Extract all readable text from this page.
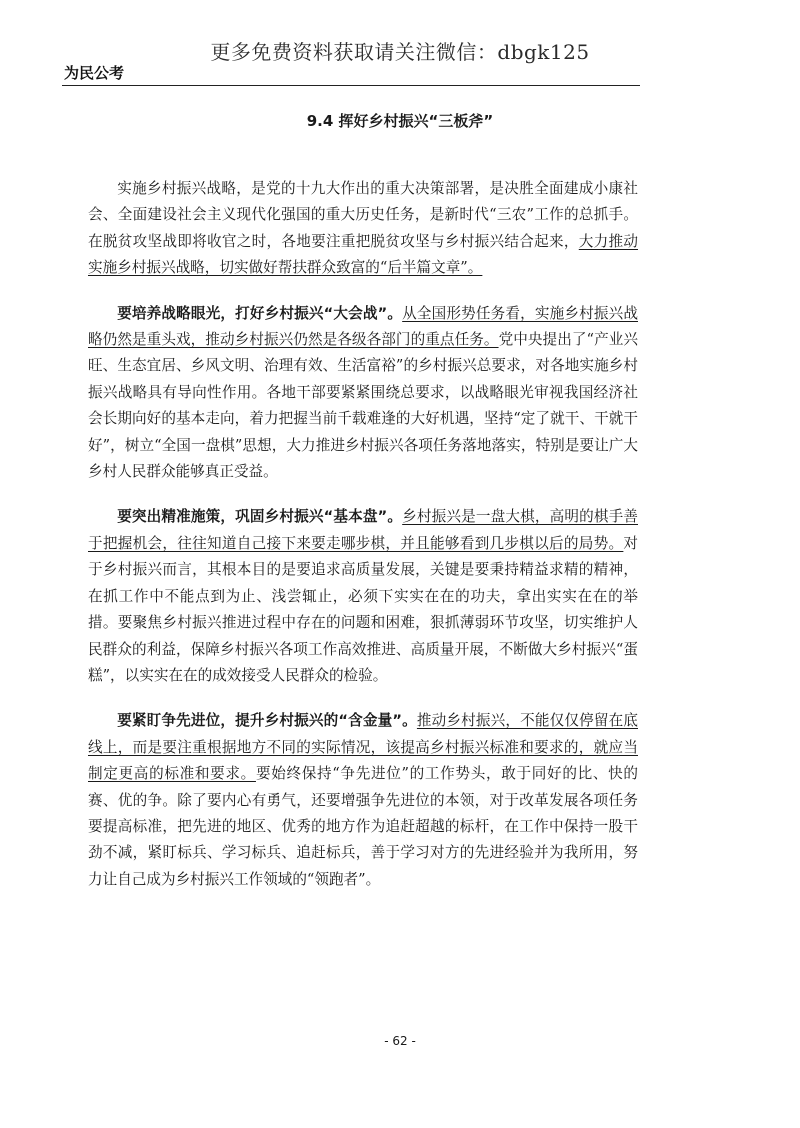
更多免费资料获取请关注微信：dbgk125
为民公考
9.4 挥好乡村振兴“三板斧”

实施乡村振兴战略，是党的十九大作出的重大决策部署，是决胜全面建成小康社会、全面建设社会主义现代化强国的重大历史任务，是新时代“三农”工作的总抓手。在脱贫攻坚战即将收官之时，各地要注重把脱贫攻坚与乡村振兴结合起来，大力推动实施乡村振兴战略，切实做好帮扶群众致富的“后半篇文章”。

要培养战略眼光，打好乡村振兴“大会战”。从全国形势任务看，实施乡村振兴战略仍然是重头戏，推动乡村振兴仍然是各级各部门的重点任务。党中央提出了“产业兴旺、生态宜居、乡风文明、治理有效、生活富裕”的乡村振兴总要求，对各地实施乡村振兴战略具有导向性作用。各地干部要紧紧围绕总要求，以战略眼光审视我国经济社会长期向好的基本走向，着力把握当前千载难逢的大好机遇，坚持“定了就干、干就干好”，树立“全国一盘棋”思想，大力推进乡村振兴各项任务落地落实，特别是要让广大乡村人民群众能够真正受益。

要突出精准施策，巩固乡村振兴“基本盘”。乡村振兴是一盘大棋，高明的棋手善于把握机会，往往知道自己接下来要走哪步棋，并且能够看到几步棋以后的局势。对于乡村振兴而言，其根本目的是要追求高质量发展，关键是要秉持精益求精的精神，在抓工作中不能点到为止、浅尝辄止，必须下实实在在的功夫，拿出实实在在的举措。要聚焦乡村振兴推进过程中存在的问题和困难，狠抓薄弱环节攻坚，切实维护人民群众的利益，保障乡村振兴各项工作高效推进、高质量开展，不断做大乡村振兴“蛋糕”，以实实在在的成效接受人民群众的检验。

要紧盯争先进位，提升乡村振兴的“含金量”。推动乡村振兴，不能仅仅停留在底线上，而是要注重根据地方不同的实际情况，该提高乡村振兴标准和要求的，就应当制定更高的标准和要求。要始终保持“争先进位”的工作势头，敢于同好的比、快的赛、优的争。除了要内心有勇气，还要增强争先进位的本领，对于改革发展各项任务要提高标准，把先进的地区、优秀的地方作为追赶超越的标杆，在工作中保持一股干劲不减，紧盯标兵、学习标兵、追赶标兵，善于学习对方的先进经验并为我所用，努力让自己成为乡村振兴工作领域的“领跑者”。

- 62 -
